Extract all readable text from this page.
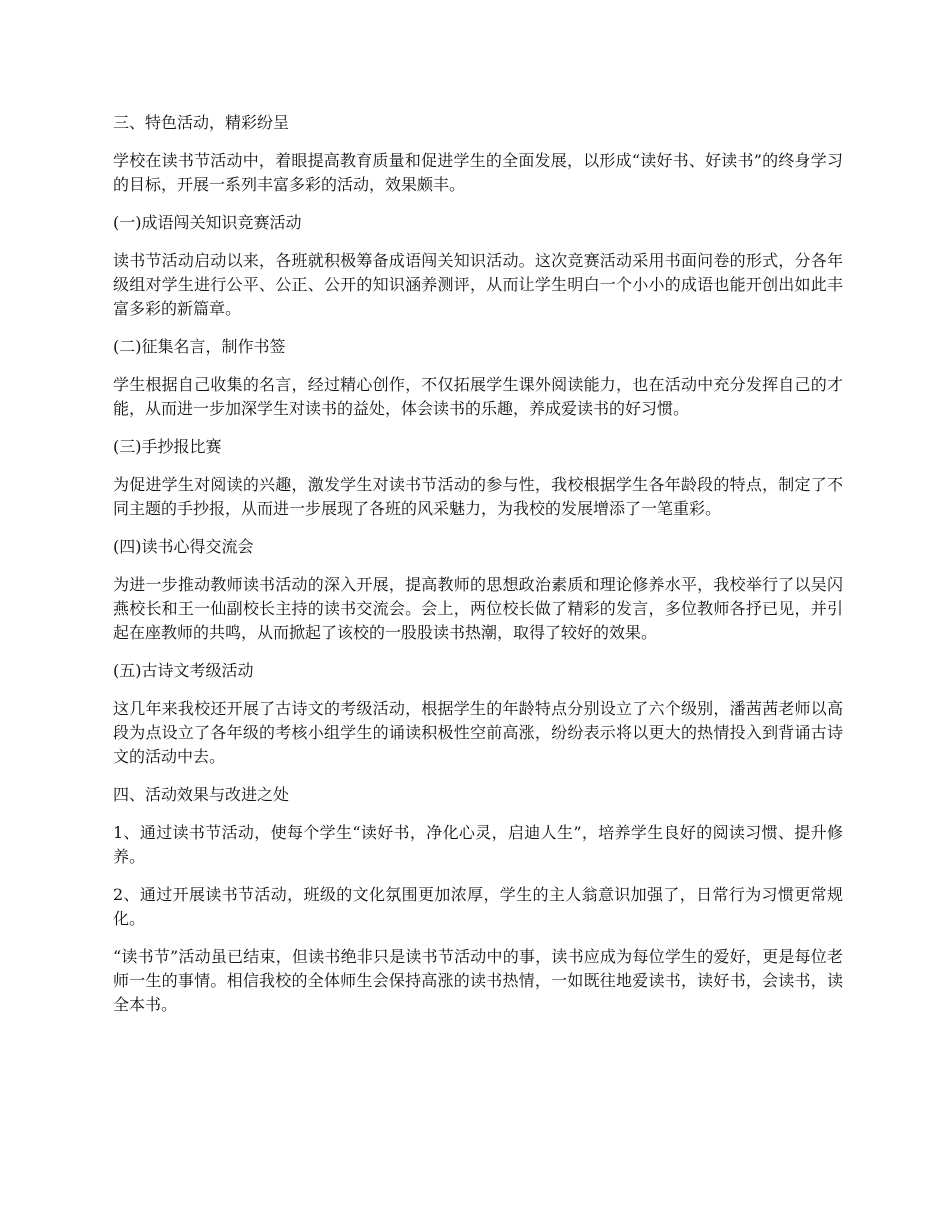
三、特色活动，精彩纷呈

学校在读书节活动中，着眼提高教育质量和促进学生的全面发展，以形成“读好书、好读书”的终身学习的目标，开展一系列丰富多彩的活动，效果颇丰。

(一)成语闯关知识竞赛活动

读书节活动启动以来，各班就积极筹备成语闯关知识活动。这次竞赛活动采用书面问卷的形式，分各年级组对学生进行公平、公正、公开的知识涵养测评，从而让学生明白一个小小的成语也能开创出如此丰富多彩的新篇章。

(二)征集名言，制作书签

学生根据自己收集的名言，经过精心创作，不仅拓展学生课外阅读能力，也在活动中充分发挥自己的才能，从而进一步加深学生对读书的益处，体会读书的乐趣，养成爱读书的好习惯。

(三)手抄报比赛

为促进学生对阅读的兴趣，激发学生对读书节活动的参与性，我校根据学生各年龄段的特点，制定了不同主题的手抄报，从而进一步展现了各班的风采魅力，为我校的发展增添了一笔重彩。

(四)读书心得交流会

为进一步推动教师读书活动的深入开展，提高教师的思想政治素质和理论修养水平，我校举行了以吴闪燕校长和王一仙副校长主持的读书交流会。会上，两位校长做了精彩的发言，多位教师各抒已见，并引起在座教师的共鸣，从而掀起了该校的一股股读书热潮，取得了较好的效果。

(五)古诗文考级活动

这几年来我校还开展了古诗文的考级活动，根据学生的年龄特点分别设立了六个级别，潘茜茜老师以高段为点设立了各年级的考核小组学生的诵读积极性空前高涨，纷纷表示将以更大的热情投入到背诵古诗文的活动中去。

四、活动效果与改进之处

1、通过读书节活动，使每个学生“读好书，净化心灵，启迪人生”，培养学生良好的阅读习惯、提升修养。

2、通过开展读书节活动，班级的文化氛围更加浓厚，学生的主人翁意识加强了，日常行为习惯更常规化。

“读书节”活动虽已结束，但读书绝非只是读书节活动中的事，读书应成为每位学生的爱好，更是每位老师一生的事情。相信我校的全体师生会保持高涨的读书热情，一如既往地爱读书，读好书，会读书，读全本书。
